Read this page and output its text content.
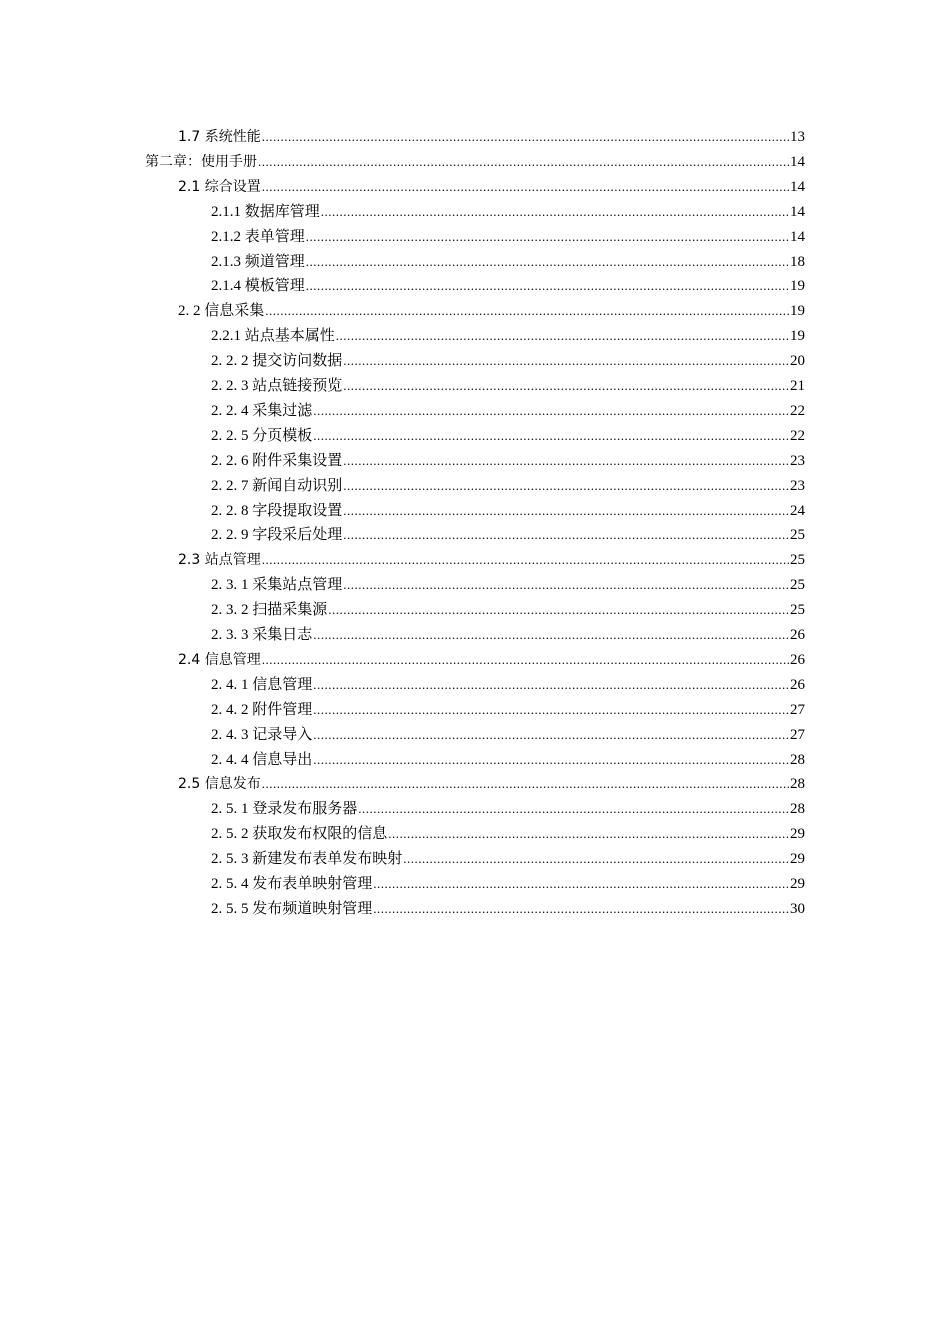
1.7 系统性能 .....	13
第二章：使用手册 .....	14
2.1 综合设置 .....	14
2.1.1 数据库管理 .....	14
2.1.2 表单管理 .....	14
2.1.3 频道管理 .....	18
2.1.4 模板管理 .....	19
2. 2 信息采集 .....	19
2.2.1 站点基本属性 .....	19
2. 2. 2 提交访问数据 .....	20
2. 2. 3 站点链接预览 .....	21
2. 2. 4 采集过滤 .....	22
2. 2. 5 分页模板 .....	22
2. 2. 6 附件采集设置 .....	23
2. 2. 7 新闻自动识别 .....	23
2. 2. 8 字段提取设置 .....	24
2. 2. 9 字段采后处理 .....	25
2.3 站点管理 .....	25
2. 3. 1 采集站点管理 .....	25
2. 3. 2 扫描采集源 .....	25
2. 3. 3 采集日志 .....	26
2.4 信息管理 .....	26
2. 4. 1 信息管理 .....	26
2. 4. 2 附件管理 .....	27
2. 4. 3 记录导入 .....	27
2. 4. 4 信息导出 .....	28
2.5 信息发布 .....	28
2. 5. 1 登录发布服务器 .....	28
2. 5. 2 获取发布权限的信息 .....	29
2. 5. 3 新建发布表单发布映射 .....	29
2. 5. 4 发布表单映射管理 .....	29
2. 5. 5 发布频道映射管理 .....	30
